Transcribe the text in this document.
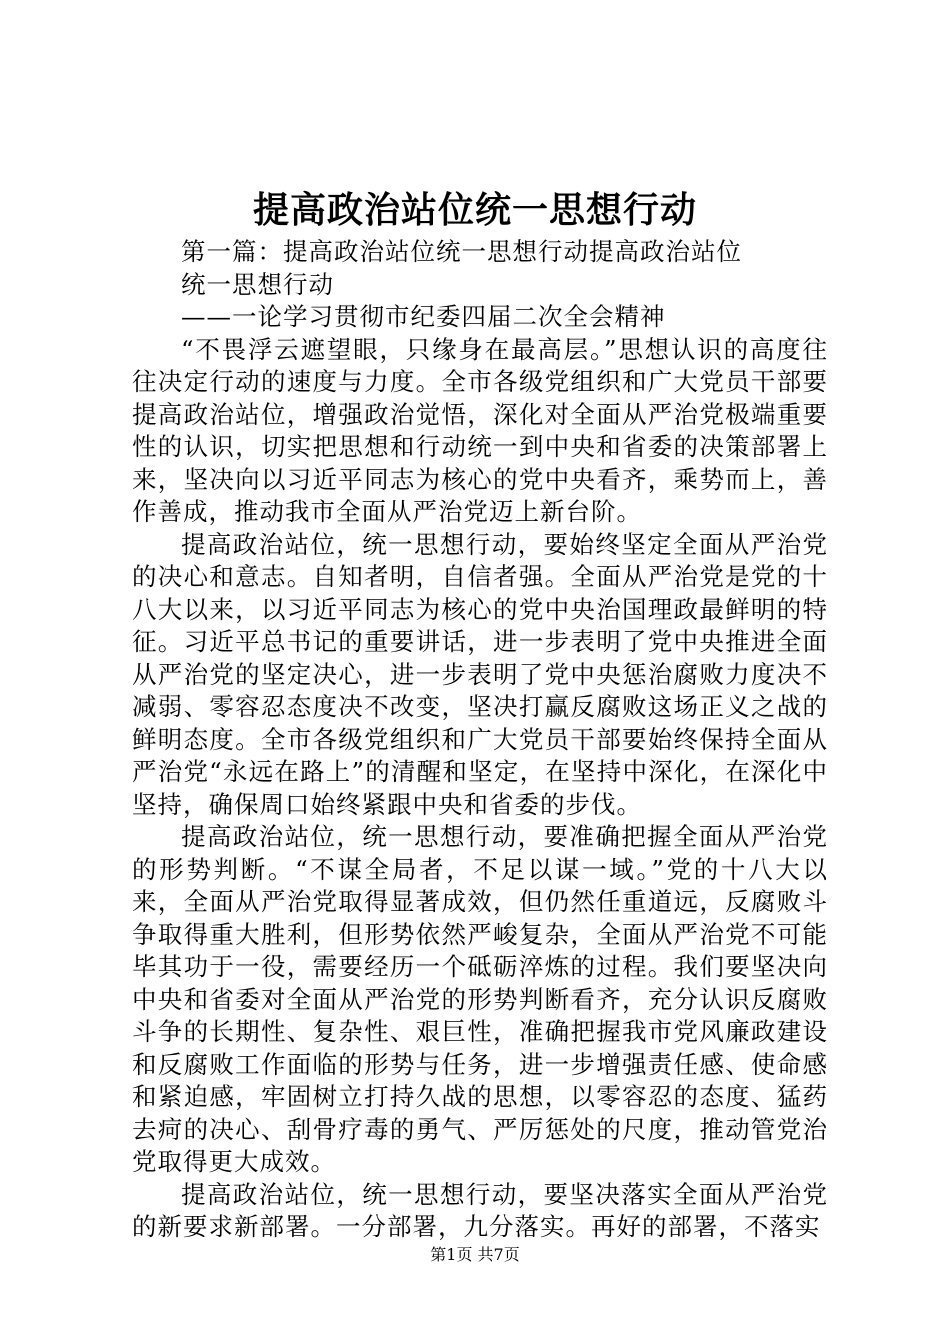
提高政治站位统一思想行动

第一篇：提高政治站位统一思想行动提高政治站位

统一思想行动

——一论学习贯彻市纪委四届二次全会精神

“不畏浮云遮望眼，只缘身在最高层。”思想认识的高度往往决定行动的速度与力度。全市各级党组织和广大党员干部要提高政治站位，增强政治觉悟，深化对全面从严治党极端重要性的认识，切实把思想和行动统一到中央和省委的决策部署上来，坚决向以习近平同志为核心的党中央看齐，乘势而上，善作善成，推动我市全面从严治党迈上新台阶。

提高政治站位，统一思想行动，要始终坚定全面从严治党的决心和意志。自知者明，自信者强。全面从严治党是党的十八大以来，以习近平同志为核心的党中央治国理政最鲜明的特征。习近平总书记的重要讲话，进一步表明了党中央推进全面从严治党的坚定决心，进一步表明了党中央惩治腐败力度决不减弱、零容忍态度决不改变，坚决打赢反腐败这场正义之战的鲜明态度。全市各级党组织和广大党员干部要始终保持全面从严治党“永远在路上”的清醒和坚定，在坚持中深化，在深化中坚持，确保周口始终紧跟中央和省委的步伐。

提高政治站位，统一思想行动，要准确把握全面从严治党的形势判断。“不谋全局者，不足以谋一域。”党的十八大以来，全面从严治党取得显著成效，但仍然任重道远，反腐败斗争取得重大胜利，但形势依然严峻复杂，全面从严治党不可能毕其功于一役，需要经历一个砥砺淬炼的过程。我们要坚决向中央和省委对全面从严治党的形势判断看齐，充分认识反腐败斗争的长期性、复杂性、艰巨性，准确把握我市党风廉政建设和反腐败工作面临的形势与任务，进一步增强责任感、使命感和紧迫感，牢固树立打持久战的思想，以零容忍的态度、猛药去疴的决心、刮骨疗毒的勇气、严厉惩处的尺度，推动管党治党取得更大成效。

提高政治站位，统一思想行动，要坚决落实全面从严治党的新要求新部署。一分部署，九分落实。再好的部署，不落实

第1页 共7页
